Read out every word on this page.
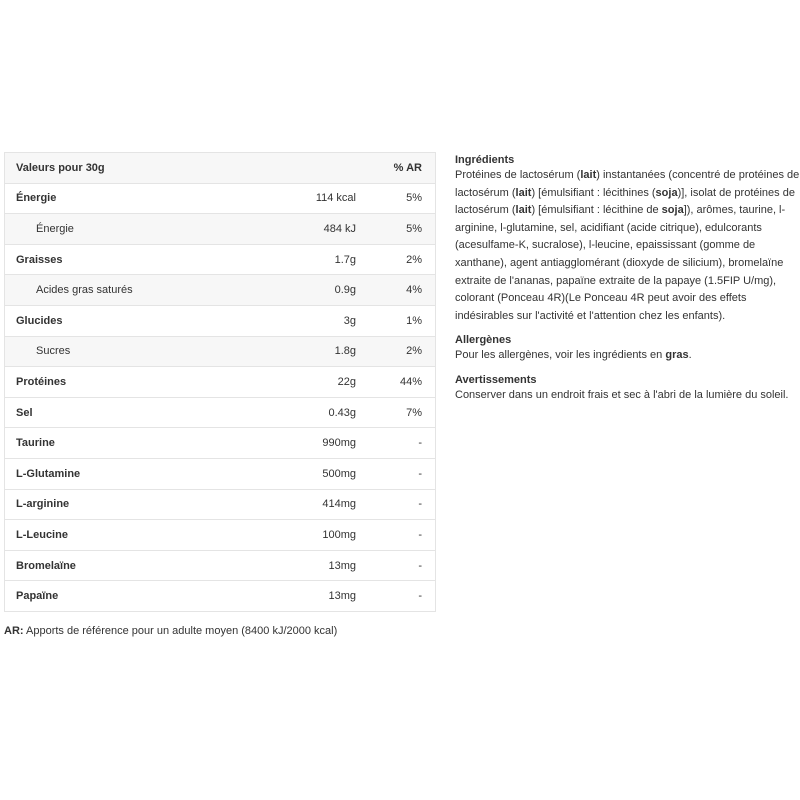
Valeurs pour 30g		% AR
Énergie	114 kcal	5%
Énergie	484 kJ	5%
Graisses	1.7g	2%
Acides gras saturés	0.9g	4%
Glucides	3g	1%
Sucres	1.8g	2%
Protéines	22g	44%
Sel	0.43g	7%
Taurine	990mg	-
L-Glutamine	500mg	-
L-arginine	414mg	-
L-Leucine	100mg	-
Bromelaïne	13mg	-
Papaïne	13mg	-
AR: Apports de référence pour un adulte moyen (8400 kJ/2000 kcal)
Ingrédients

Protéines de lactosérum (lait) instantanées (concentré de protéines de lactosérum (lait) [émulsifiant : lécithines (soja)], isolat de protéines de lactosérum (lait) [émulsifiant : lécithine de soja]), arômes, taurine, l-arginine, l-glutamine, sel, acidifiant (acide citrique), edulcorants (acesulfame-K, sucralose), l-leucine, epaississant (gomme de xanthane), agent antiagglomérant (dioxyde de silicium), bromelaïne extraite de l'ananas, papaïne extraite de la papaye (1.5FIP U/mg), colorant (Ponceau 4R)(Le Ponceau 4R peut avoir des effets indésirables sur l'activité et l'attention chez les enfants).

Allergènes

Pour les allergènes, voir les ingrédients en gras.

Avertissements

Conserver dans un endroit frais et sec à l'abri de la lumière du soleil.
